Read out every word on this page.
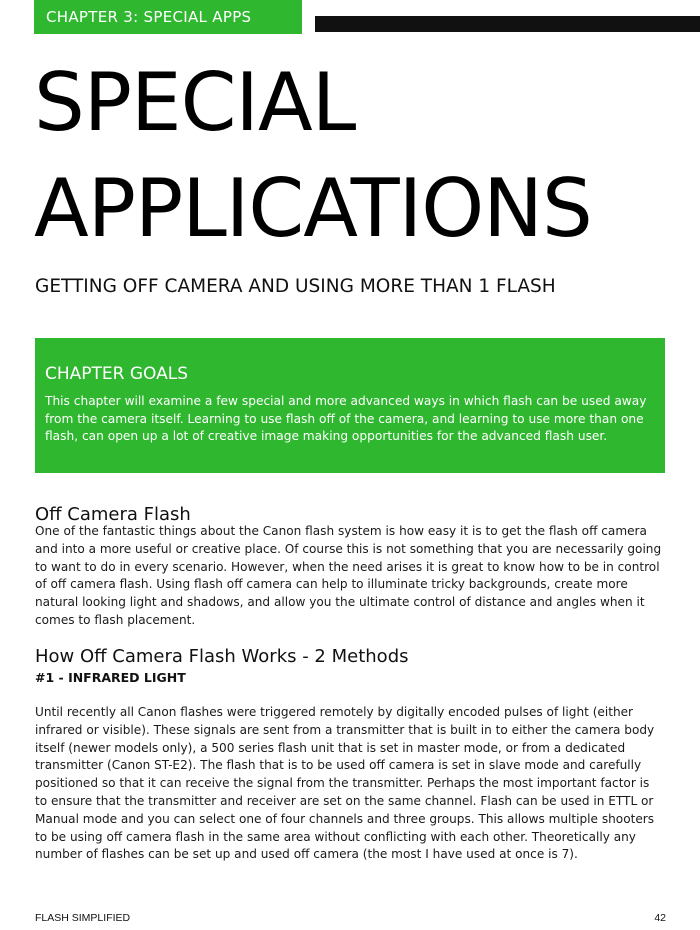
CHAPTER 3: SPECIAL APPS
SPECIAL
APPLICATIONS
GETTING OFF CAMERA AND USING MORE THAN 1 FLASH
CHAPTER GOALS

This chapter will examine a few special and more advanced ways in which flash can be used away from the camera itself. Learning to use flash off of the camera, and learning to use more than one flash, can open up a lot of creative image making opportunities for the advanced flash user.

Off Camera Flash

One of the fantastic things about the Canon flash system is how easy it is to get the flash off camera and into a more useful or creative place. Of course this is not something that you are necessarily going to want to do in every scenario. However, when the need arises it is great to know how to be in control of off camera flash. Using flash off camera can help to illuminate tricky backgrounds, create more natural looking light and shadows, and allow you the ultimate control of distance and angles when it comes to flash placement.

How Off Camera Flash Works - 2 Methods
#1 - INFRARED LIGHT

Until recently all Canon flashes were triggered remotely by digitally encoded pulses of light (either infrared or visible). These signals are sent from a transmitter that is built in to either the camera body itself (newer models only), a 500 series flash unit that is set in master mode, or from a dedicated transmitter (Canon ST-E2). The flash that is to be used off camera is set in slave mode and carefully positioned so that it can receive the signal from the transmitter. Perhaps the most important factor is to ensure that the transmitter and receiver are set on the same channel. Flash can be used in ETTL or Manual mode and you can select one of four channels and three groups. This allows multiple shooters to be using off camera flash in the same area without conflicting with each other. Theoretically any number of flashes can be set up and used off camera (the most I have used at once is 7).

FLASH SIMPLIFIED	42
